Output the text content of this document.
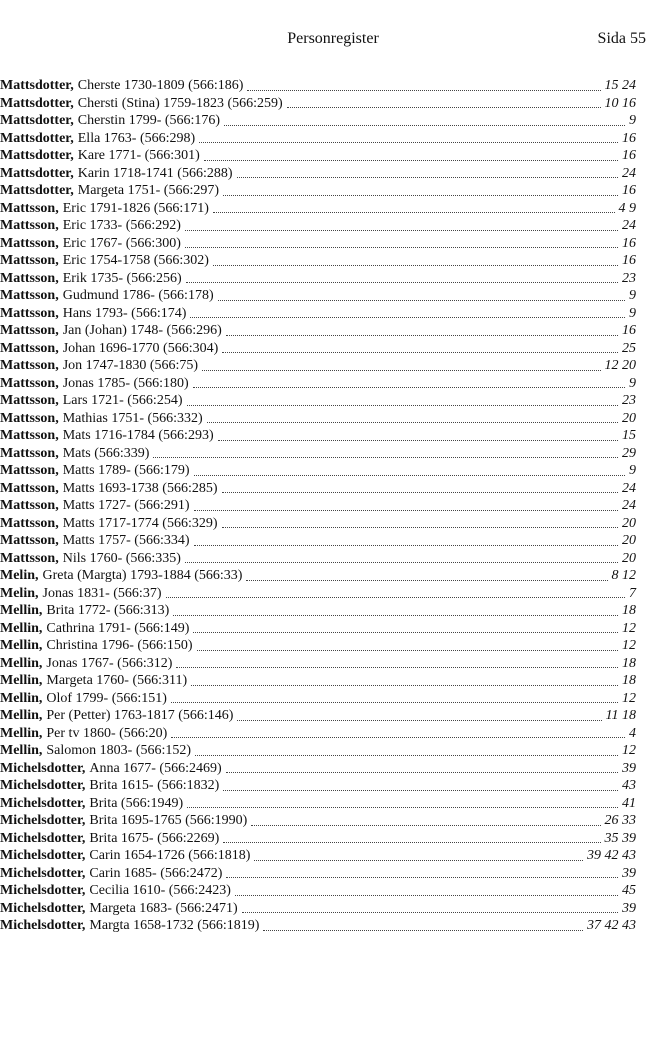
Personregister	Sida 55
Mattsdotter, Cherste 1730-1809 (566:186)	15 24
Mattsdotter, Chersti (Stina) 1759-1823 (566:259)	10 16
Mattsdotter, Cherstin 1799- (566:176)	9
Mattsdotter, Ella 1763- (566:298)	16
Mattsdotter, Kare 1771- (566:301)	16
Mattsdotter, Karin 1718-1741 (566:288)	24
Mattsdotter, Margeta 1751- (566:297)	16
Mattsson, Eric 1791-1826 (566:171)	4 9
Mattsson, Eric 1733- (566:292)	24
Mattsson, Eric 1767- (566:300)	16
Mattsson, Eric 1754-1758 (566:302)	16
Mattsson, Erik 1735- (566:256)	23
Mattsson, Gudmund 1786- (566:178)	9
Mattsson, Hans 1793- (566:174)	9
Mattsson, Jan (Johan) 1748- (566:296)	16
Mattsson, Johan 1696-1770 (566:304)	25
Mattsson, Jon 1747-1830 (566:75)	12 20
Mattsson, Jonas 1785- (566:180)	9
Mattsson, Lars 1721- (566:254)	23
Mattsson, Mathias 1751- (566:332)	20
Mattsson, Mats 1716-1784 (566:293)	15
Mattsson, Mats (566:339)	29
Mattsson, Matts 1789- (566:179)	9
Mattsson, Matts 1693-1738 (566:285)	24
Mattsson, Matts 1727- (566:291)	24
Mattsson, Matts 1717-1774 (566:329)	20
Mattsson, Matts 1757- (566:334)	20
Mattsson, Nils 1760- (566:335)	20
Melin, Greta (Margta) 1793-1884 (566:33)	8 12
Melin, Jonas 1831- (566:37)	7
Mellin, Brita 1772- (566:313)	18
Mellin, Cathrina 1791- (566:149)	12
Mellin, Christina 1796- (566:150)	12
Mellin, Jonas 1767- (566:312)	18
Mellin, Margeta 1760- (566:311)	18
Mellin, Olof 1799- (566:151)	12
Mellin, Per (Petter) 1763-1817 (566:146)	11 18
Mellin, Per tv 1860- (566:20)	4
Mellin, Salomon 1803- (566:152)	12
Michelsdotter, Anna 1677- (566:2469)	39
Michelsdotter, Brita 1615- (566:1832)	43
Michelsdotter, Brita (566:1949)	41
Michelsdotter, Brita 1695-1765 (566:1990)	26 33
Michelsdotter, Brita 1675- (566:2269)	35 39
Michelsdotter, Carin 1654-1726 (566:1818)	39 42 43
Michelsdotter, Carin 1685- (566:2472)	39
Michelsdotter, Cecilia 1610- (566:2423)	45
Michelsdotter, Margeta 1683- (566:2471)	39
Michelsdotter, Margta 1658-1732 (566:1819)	37 42 43
